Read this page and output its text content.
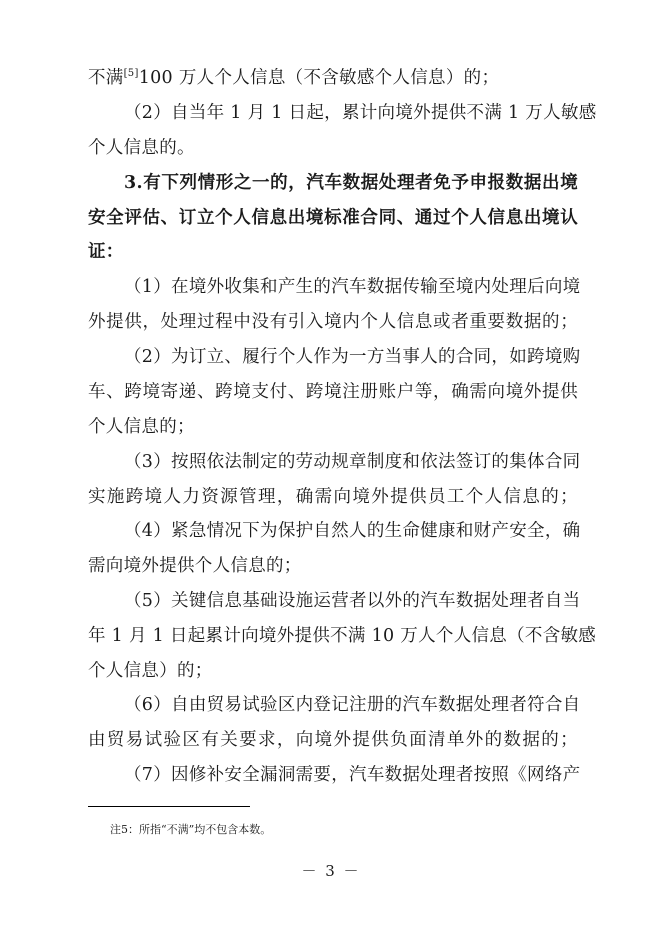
不满[5]100 万人个人信息（不含敏感个人信息）的；
（2）自当年 1 月 1 日起，累计向境外提供不满 1 万人敏感
个人信息的。
3.有下列情形之一的，汽车数据处理者免予申报数据出境
安全评估、订立个人信息出境标准合同、通过个人信息出境认
证：
（1）在境外收集和产生的汽车数据传输至境内处理后向境
外提供，处理过程中没有引入境内个人信息或者重要数据的；
（2）为订立、履行个人作为一方当事人的合同，如跨境购
车、跨境寄递、跨境支付、跨境注册账户等，确需向境外提供
个人信息的；
（3）按照依法制定的劳动规章制度和依法签订的集体合同
实施跨境人力资源管理，确需向境外提供员工个人信息的；
（4）紧急情况下为保护自然人的生命健康和财产安全，确
需向境外提供个人信息的；
（5）关键信息基础设施运营者以外的汽车数据处理者自当
年 1 月 1 日起累计向境外提供不满 10 万人个人信息（不含敏感
个人信息）的；
（6）自由贸易试验区内登记注册的汽车数据处理者符合自
由贸易试验区有关要求，向境外提供负面清单外的数据的；
注5：所指“不满”均不包含本数。
－ 3 －
（7）因修补安全漏洞需要，汽车数据处理者按照《网络产
